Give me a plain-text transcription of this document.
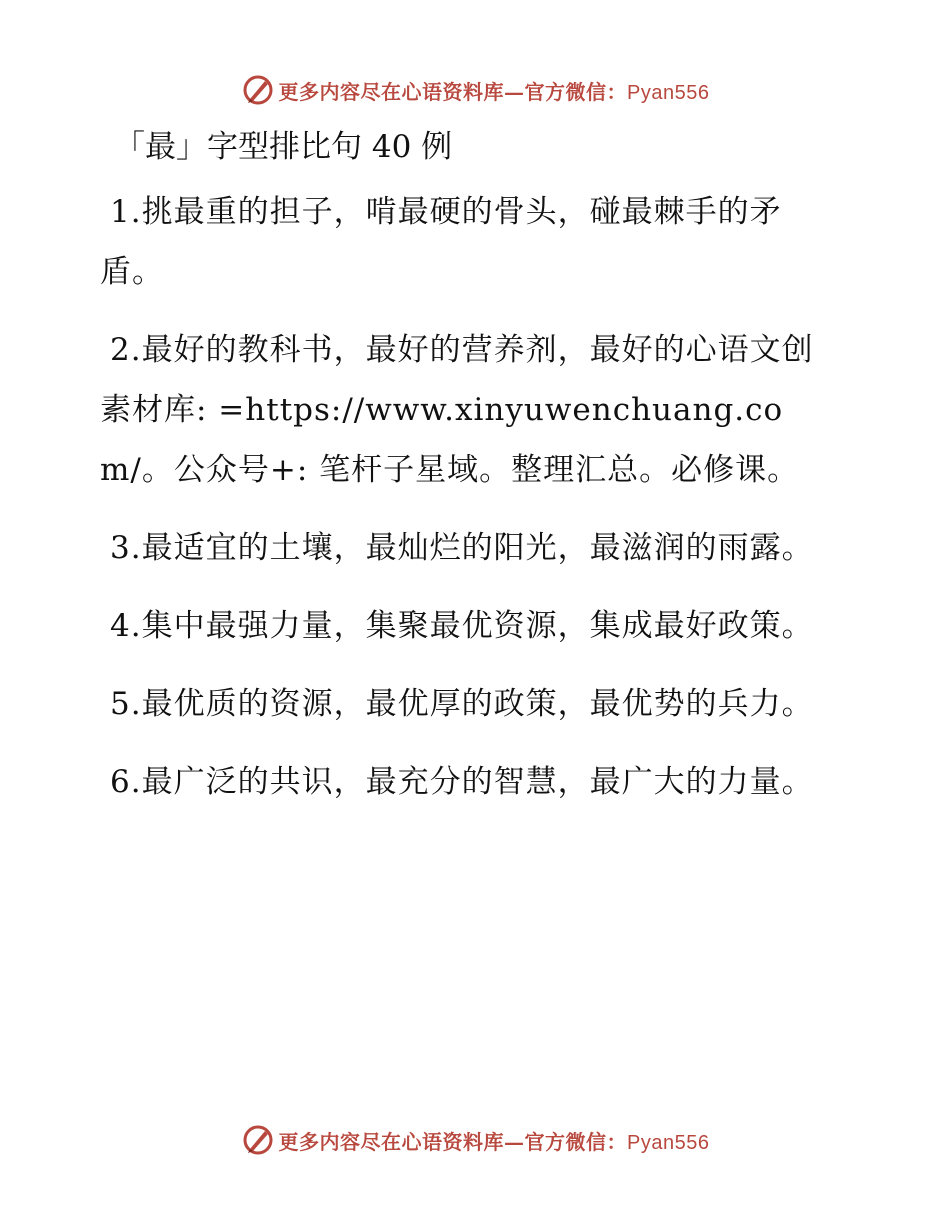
更多内容尽在心语资料库—官方微信：Pyan556
「最」字型排比句 40 例

1.挑最重的担子，啃最硬的骨头，碰最棘手的矛盾。

2.最好的教科书，最好的营养剂，最好的心语文创素材库: =https://www.xinyuwenchuang.com/。公众号+: 笔杆子星域。整理汇总。必修课。

3.最适宜的土壤，最灿烂的阳光，最滋润的雨露。

4.集中最强力量，集聚最优资源，集成最好政策。

5.最优质的资源，最优厚的政策，最优势的兵力。

6.最广泛的共识，最充分的智慧，最广大的力量。

更多内容尽在心语资料库—官方微信：Pyan556
